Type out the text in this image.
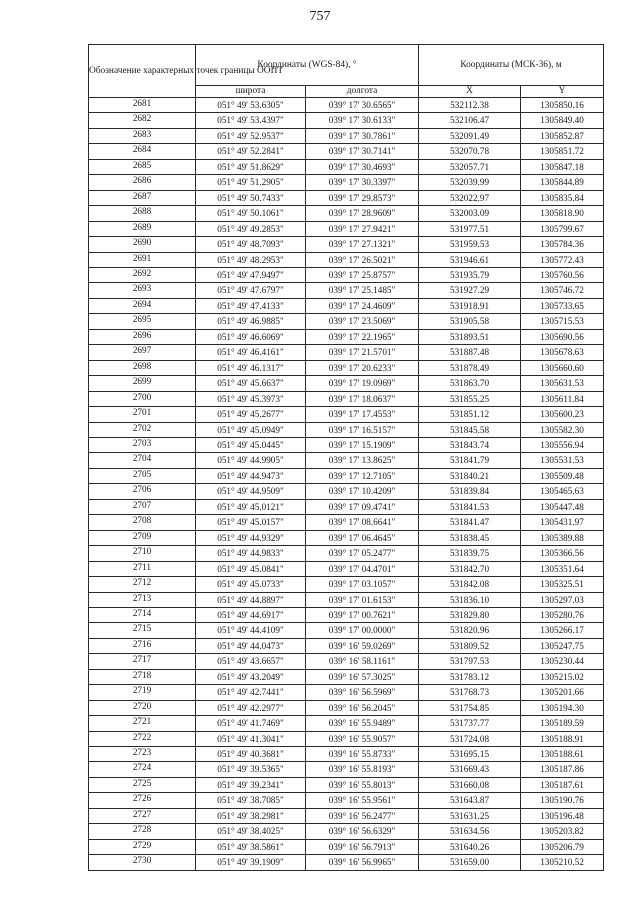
757
Обозначение характерных точек границы ООПТ	Координаты (WGS-84), °		Координаты (МСК-36), м	
	широта	долгота	X	Y
2681	051° 49' 53.6305"	039° 17' 30.6565"	532112.38	1305850.16
2682	051° 49' 53.4397"	039° 17' 30.6133"	532106.47	1305849.40
2683	051° 49' 52.9537"	039° 17' 30.7861"	532091.49	1305852.87
2684	051° 49' 52.2841"	039° 17' 30.7141"	532070.78	1305851.72
2685	051° 49' 51.8629"	039° 17' 30.4693"	532057.71	1305847.18
2686	051° 49' 51.2905"	039° 17' 30.3397"	532039.99	1305844.89
2687	051° 49' 50.7433"	039° 17' 29.8573"	532022.97	1305835.84
2688	051° 49' 50.1061"	039° 17' 28.9609"	532003.09	1305818.90
2689	051° 49' 49.2853"	039° 17' 27.9421"	531977.51	1305799.67
2690	051° 49' 48.7093"	039° 17' 27.1321"	531959.53	1305784.36
2691	051° 49' 48.2953"	039° 17' 26.5021"	531946.61	1305772.43
2692	051° 49' 47.9497"	039° 17' 25.8757"	531935.79	1305760.56
2693	051° 49' 47.6797"	039° 17' 25.1485"	531927.29	1305746.72
2694	051° 49' 47.4133"	039° 17' 24.4609"	531918.91	1305733.65
2695	051° 49' 46.9885"	039° 17' 23.5069"	531905.58	1305715.53
2696	051° 49' 46.6069"	039° 17' 22.1965"	531893.51	1305690.56
2697	051° 49' 46.4161"	039° 17' 21.5701"	531887.48	1305678.63
2698	051° 49' 46.1317"	039° 17' 20.6233"	531878.49	1305660.60
2699	051° 49' 45.6637"	039° 17' 19.0969"	531863.70	1305631.53
2700	051° 49' 45.3973"	039° 17' 18.0637"	531855.25	1305611.84
2701	051° 49' 45.2677"	039° 17' 17.4553"	531851.12	1305600.23
2702	051° 49' 45.0949"	039° 17' 16.5157"	531845.58	1305582.30
2703	051° 49' 45.0445"	039° 17' 15.1909"	531843.74	1305556.94
2704	051° 49' 44.9905"	039° 17' 13.8625"	531841.79	1305531.53
2705	051° 49' 44.9473"	039° 17' 12.7105"	531840.21	1305509.48
2706	051° 49' 44.9509"	039° 17' 10.4209"	531839.84	1305465.63
2707	051° 49' 45.0121"	039° 17' 09.4741"	531841.53	1305447.48
2708	051° 49' 45.0157"	039° 17' 08.6641"	531841.47	1305431.97
2709	051° 49' 44.9329"	039° 17' 06.4645"	531838.45	1305389.88
2710	051° 49' 44.9833"	039° 17' 05.2477"	531839.75	1305366.56
2711	051° 49' 45.0841"	039° 17' 04.4701"	531842.70	1305351.64
2712	051° 49' 45.0733"	039° 17' 03.1057"	531842.08	1305325.51
2713	051° 49' 44.8897"	039° 17' 01.6153"	531836.10	1305297.03
2714	051° 49' 44.6917"	039° 17' 00.7621"	531829.80	1305280.76
2715	051° 49' 44.4109"	039° 17' 00.0000"	531820.96	1305266.17
2716	051° 49' 44.0473"	039° 16' 59.0269"	531809.52	1305247.75
2717	051° 49' 43.6657"	039° 16' 58.1161"	531797.53	1305230.44
2718	051° 49' 43.2049"	039° 16' 57.3025"	531783.12	1305215.02
2719	051° 49' 42.7441"	039° 16' 56.5969"	531768.73	1305201.66
2720	051° 49' 42.2977"	039° 16' 56.2045"	531754.85	1305194.30
2721	051° 49' 41.7469"	039° 16' 55.9489"	531737.77	1305189.59
2722	051° 49' 41.3041"	039° 16' 55.9057"	531724.08	1305188.91
2723	051° 49' 40.3681"	039° 16' 55.8733"	531695.15	1305188.61
2724	051° 49' 39.5365"	039° 16' 55.8193"	531669.43	1305187.86
2725	051° 49' 39.2341"	039° 16' 55.8013"	531660.08	1305187.61
2726	051° 49' 38.7085"	039° 16' 55.9561"	531643.87	1305190.76
2727	051° 49' 38.2981"	039° 16' 56.2477"	531631.25	1305196.48
2728	051° 49' 38.4025"	039° 16' 56.6329"	531634.56	1305203.82
2729	051° 49' 38.5861"	039° 16' 56.7913"	531640.26	1305206.79
2730	051° 49' 39.1909"	039° 16' 56.9965"	531659.00	1305210.52
